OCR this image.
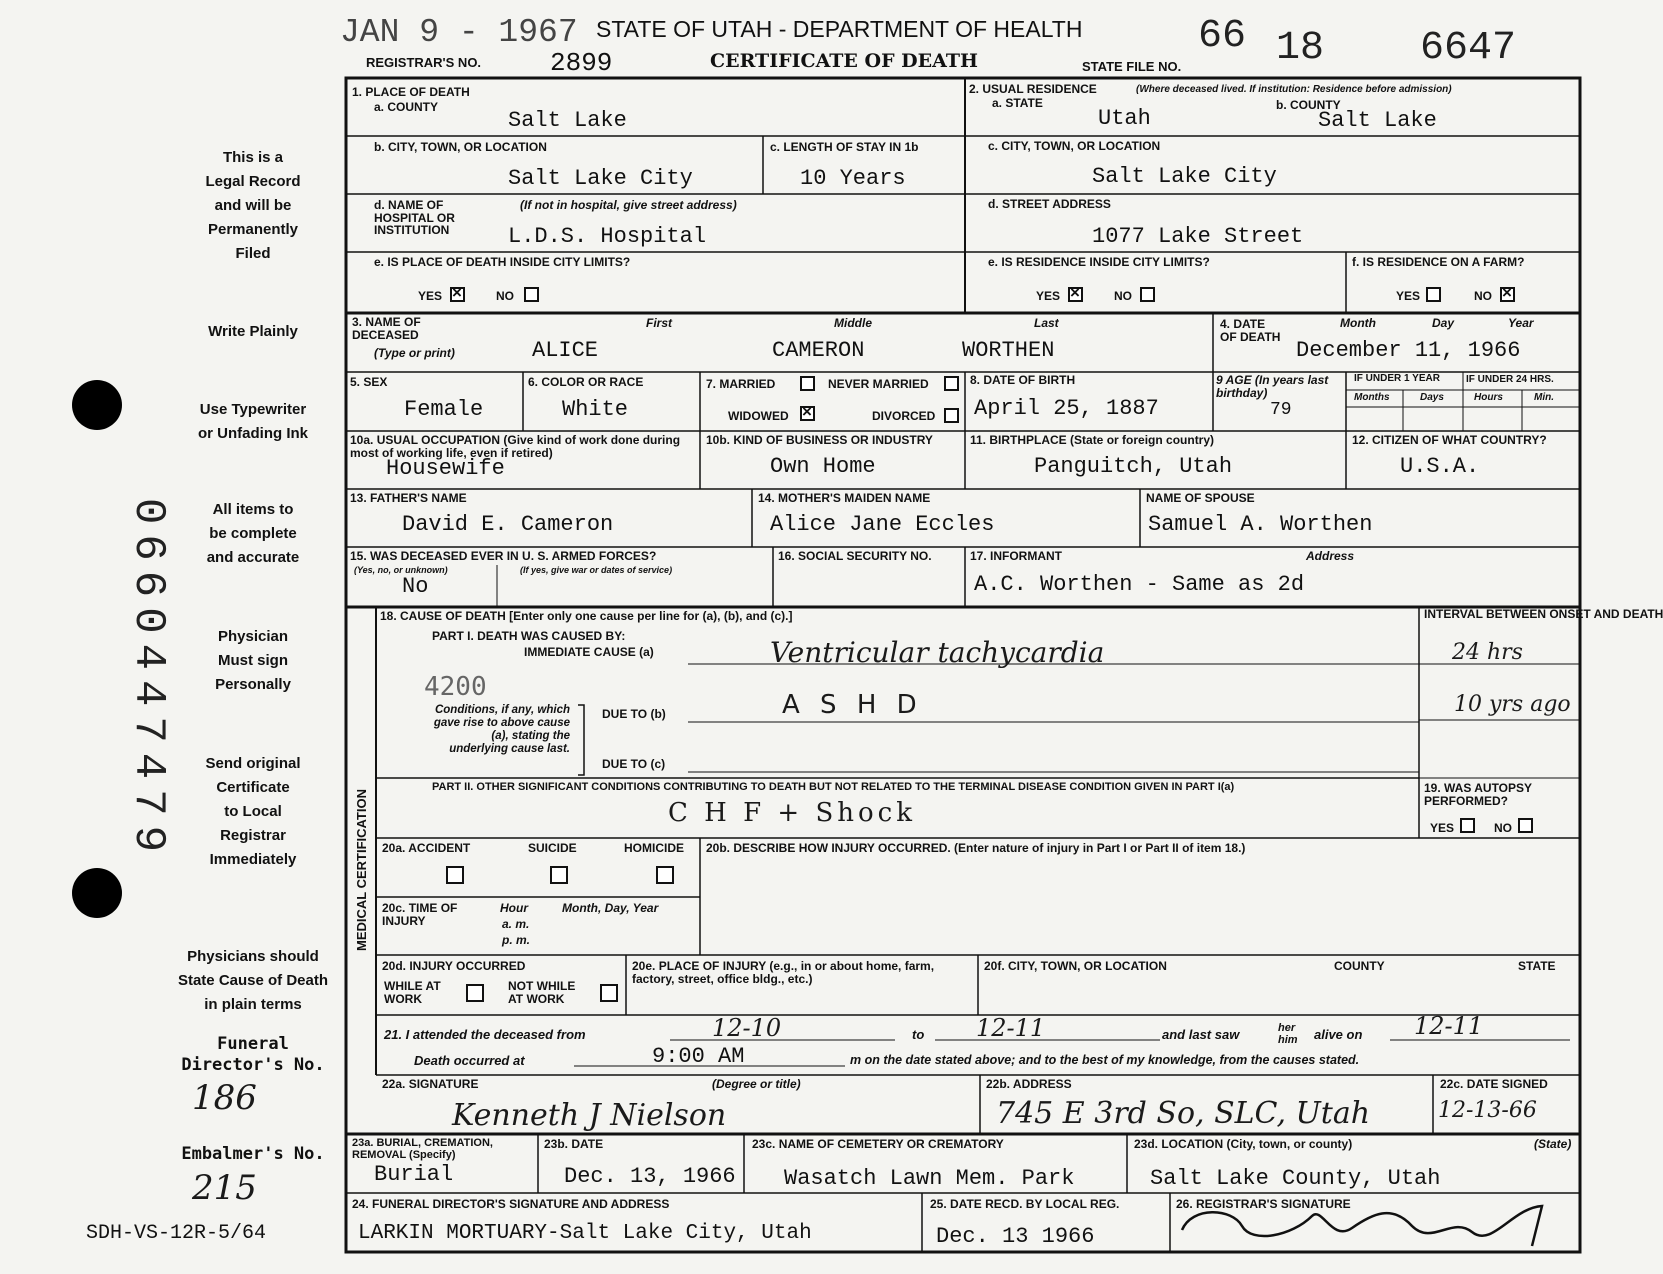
JAN 9 - 1967 STATE OF UTAH - DEPARTMENT OF HEALTH
CERTIFICATE OF DEATH
REGISTRAR'S NO.	2899	STATE FILE NO.
66 18 6647
This is a
Legal Record
and will be
Permanently
Filed
Write Plainly
Use Typewriter
or Unfading Ink
All items to
be complete
and accurate
Physician
Must sign
Personally
Send original
Certificate
to Local
Registrar
Immediately
Physicians should
State Cause of Death
in plain terms
Funeral
Director's No.
186
Embalmer's No.
215
SDH-VS-12R-5/64
0660447479
1. PLACE OF DEATH
a. COUNTY
Salt Lake
2. USUAL RESIDENCE	(Where deceased lived. If institution: Residence before admission)
a. STATE	b. COUNTY
Utah	Salt Lake
b. CITY, TOWN, OR LOCATION
Salt Lake City
c. LENGTH OF STAY IN 1b
10 Years
c. CITY, TOWN, OR LOCATION
Salt Lake City
d. NAME OF HOSPITAL OR INSTITUTION
(If not in hospital, give street address)
L.D.S. Hospital
d. STREET ADDRESS
1077 Lake Street
e. IS PLACE OF DEATH INSIDE CITY LIMITS?
YES ×	NO
e. IS RESIDENCE INSIDE CITY LIMITS?
YES ×	NO
f. IS RESIDENCE ON A FARM?
YES	NO
×
3. NAME OF DECEASED
(Type or print)
First	Middle	Last
ALICE	CAMERON	WORTHEN
4. DATE OF DEATH
Month	Day	Year
December 11, 1966
5. SEX
Female
6. COLOR OR RACE
White
7. MARRIED	NEVER MARRIED
WIDOWED ×	DIVORCED
8. DATE OF BIRTH
April 25, 1887
9 AGE (In years last birthday)
79
IF UNDER 1 YEAR	IF UNDER 24 HRS.
Months	Days	Hours	Min.
10a. USUAL OCCUPATION (Give kind of work done during most of working life, even if retired)
Housewife
10b. KIND OF BUSINESS OR INDUSTRY
Own Home
11. BIRTHPLACE (State or foreign country)
Panguitch, Utah
12. CITIZEN OF WHAT COUNTRY?
U.S.A.
13. FATHER'S NAME
David E. Cameron
14. MOTHER'S MAIDEN NAME
Alice Jane Eccles
NAME OF SPOUSE
Samuel A. Worthen
15. WAS DECEASED EVER IN U. S. ARMED FORCES?
(Yes, no, or unknown)	(If yes, give war or dates of service)
No
16. SOCIAL SECURITY NO.	17. INFORMANT	Address
A.C. Worthen - Same as 2d
MEDICAL CERTIFICATION
18. CAUSE OF DEATH [Enter only one cause per line for (a), (b), and (c).]
PART I. DEATH WAS CAUSED BY:
IMMEDIATE CAUSE (a)	Ventricular tachycardia
4200
Conditions, if any, which gave rise to above cause (a), stating the underlying cause last.
DUE TO (b)	A S H D
DUE TO (c)
INTERVAL BETWEEN ONSET AND DEATH
24 hrs
10 yrs ago
PART II. OTHER SIGNIFICANT CONDITIONS CONTRIBUTING TO DEATH BUT NOT RELATED TO THE TERMINAL DISEASE CONDITION GIVEN IN PART I(a)
C H F + Shock
19. WAS AUTOPSY PERFORMED?
YES	NO
20a. ACCIDENT	SUICIDE	HOMICIDE 20b. DESCRIBE HOW INJURY OCCURRED. (Enter nature of injury in Part I or Part II of item 18.)
20c. TIME OF INJURY
Hour
a. m.
p. m.
Month, Day, Year
20d. INJURY OCCURRED
WHILE AT WORK
NOT WHILE AT WORK
20e. PLACE OF INJURY (e.g., in or about home, farm, factory, street, office bldg., etc.)
20f. CITY, TOWN, OR LOCATION	COUNTY	STATE
21. I attended the deceased from	12-10	to 12-11	and last saw	her him	alive on 12-11
Death occurred at	9:00 AM	m on the date stated above; and to the best of my knowledge, from the causes stated.
22a. SIGNATURE	(Degree or title)
Kenneth J Nielson
22b. ADDRESS
745 E 3rd So, SLC, Utah
22c. DATE SIGNED
12-13-66
23a. BURIAL, CREMATION, REMOVAL (Specify)
Burial
23b. DATE
Dec. 13, 1966
23c. NAME OF CEMETERY OR CREMATORY
Wasatch Lawn Mem. Park
23d. LOCATION (City, town, or county)	(State)
Salt Lake County, Utah
24. FUNERAL DIRECTOR'S SIGNATURE AND ADDRESS
LARKIN MORTUARY-Salt Lake City, Utah
25. DATE RECD. BY LOCAL REG.
Dec. 13 1966
26. REGISTRAR'S SIGNATURE
